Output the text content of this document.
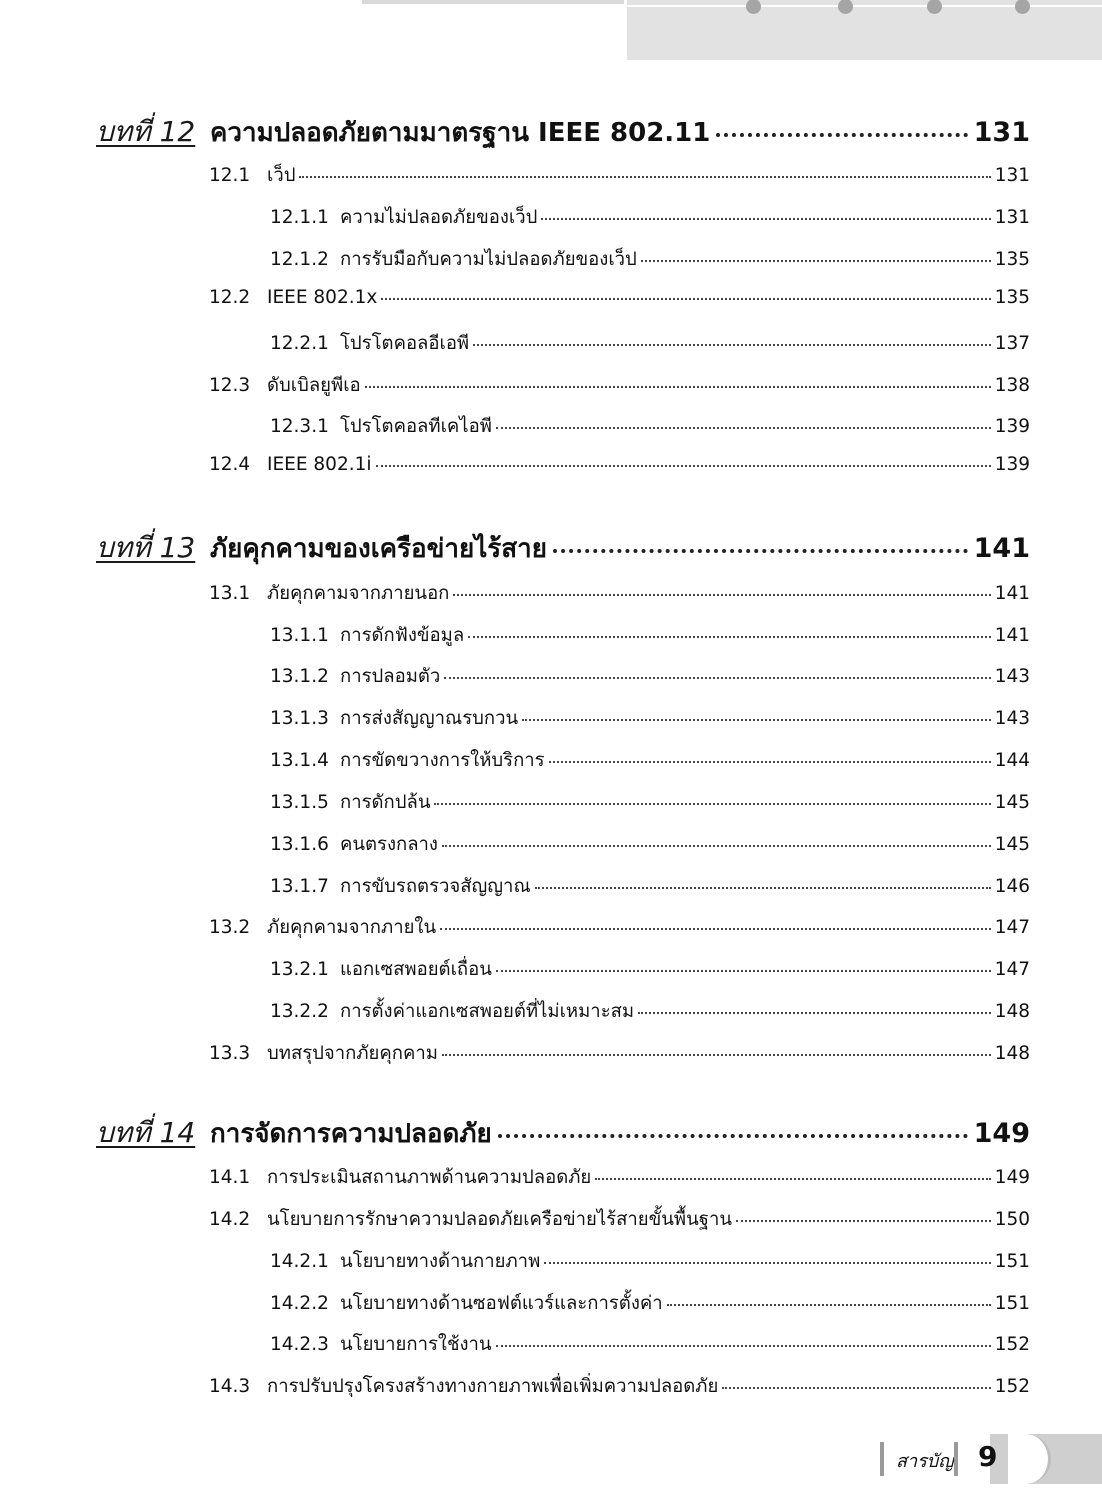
บทที่ 12 ความปลอดภัยตามมาตรฐาน IEEE 802.11	131
12.1 เว็ป	131
12.1.1 ความไม่ปลอดภัยของเว็ป	131
12.1.2 การรับมือกับความไม่ปลอดภัยของเว็ป	135
12.2 IEEE 802.1x	135
12.2.1 โปรโตคอลอีเอพี	137
12.3 ดับเบิลยูพีเอ	138
12.3.1 โปรโตคอลทีเคไอพี	139
12.4 IEEE 802.1i	139
บทที่ 13 ภัยคุกคามของเครือข่ายไร้สาย	141
13.1 ภัยคุกคามจากภายนอก	141
13.1.1 การดักฟังข้อมูล	141
13.1.2 การปลอมตัว	143
13.1.3 การส่งสัญญาณรบกวน	143
13.1.4 การขัดขวางการให้บริการ	144
13.1.5 การดักปล้น	145
13.1.6 คนตรงกลาง	145
13.1.7 การขับรถตรวจสัญญาณ	146
13.2 ภัยคุกคามจากภายใน	147
13.2.1 แอกเซสพอยต์เถื่อน	147
13.2.2 การตั้งค่าแอกเซสพอยต์ที่ไม่เหมาะสม	148
13.3 บทสรุปจากภัยคุกคาม	148
บทที่ 14 การจัดการความปลอดภัย	149
14.1 การประเมินสถานภาพด้านความปลอดภัย	149
14.2 นโยบายการรักษาความปลอดภัยเครือข่ายไร้สายขั้นพื้นฐาน	150
14.2.1 นโยบายทางด้านกายภาพ	151
14.2.2 นโยบายทางด้านซอฟต์แวร์และการตั้งค่า	151
14.2.3 นโยบายการใช้งาน	152
14.3 การปรับปรุงโครงสร้างทางกายภาพเพื่อเพิ่มความปลอดภัย	152
สารบัญ 9
